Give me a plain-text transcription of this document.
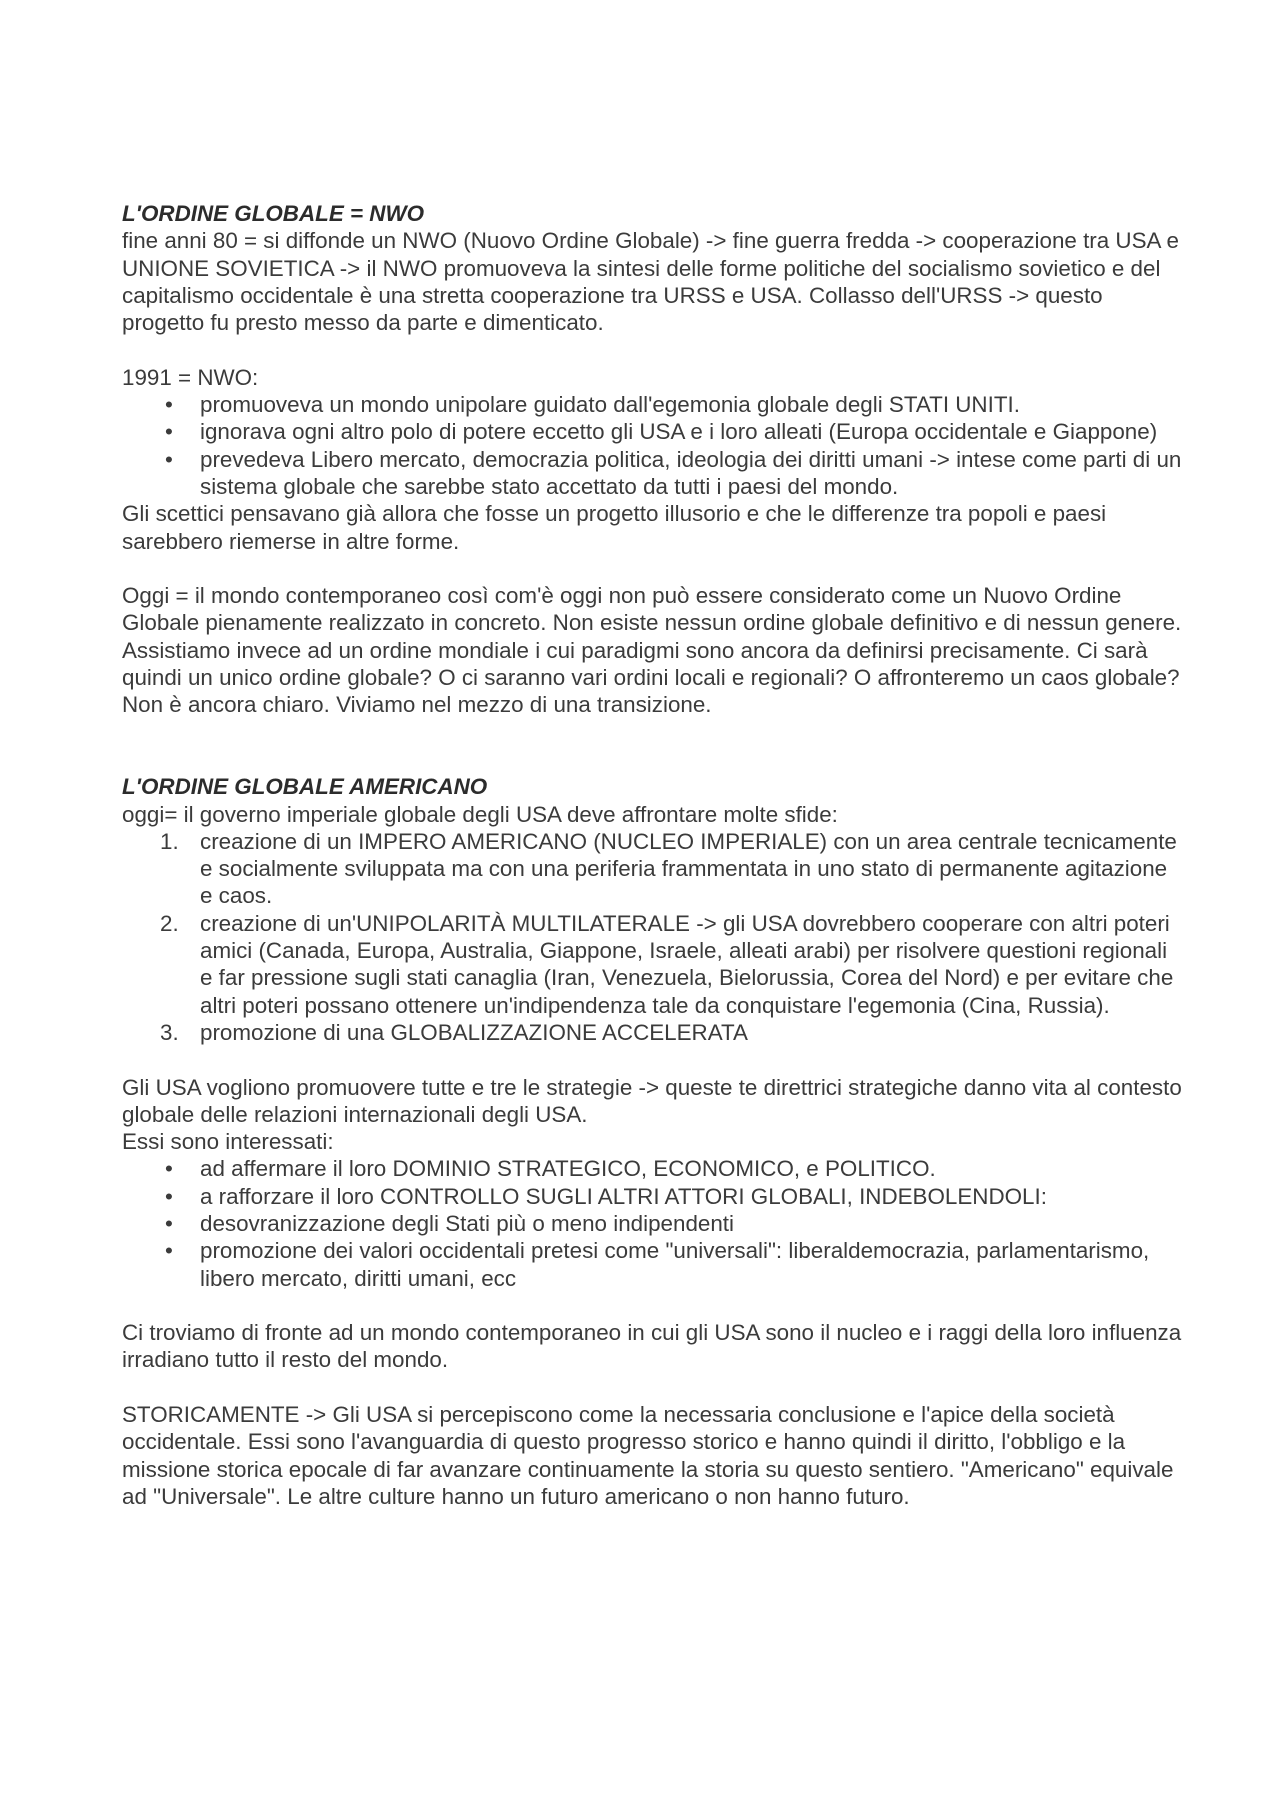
L'ORDINE GLOBALE = NWO

fine anni 80 = si diffonde un NWO (Nuovo Ordine Globale) -> fine guerra fredda -> cooperazione tra USA e UNIONE SOVIETICA -> il NWO promuoveva la sintesi delle forme politiche del socialismo sovietico e del capitalismo occidentale è una stretta cooperazione tra URSS e USA. Collasso dell'URSS -> questo progetto fu presto messo da parte e dimenticato.

1991 = NWO:

• promuoveva un mondo unipolare guidato dall'egemonia globale degli STATI UNITI.
• ignorava ogni altro polo di potere eccetto gli USA e i loro alleati (Europa occidentale e Giappone)
• prevedeva Libero mercato, democrazia politica, ideologia dei diritti umani -> intese come parti di un sistema globale che sarebbe stato accettato da tutti i paesi del mondo.

Gli scettici pensavano già allora che fosse un progetto illusorio e che le differenze tra popoli e paesi sarebbero riemerse in altre forme.

Oggi = il mondo contemporaneo così com'è oggi non può essere considerato come un Nuovo Ordine Globale pienamente realizzato in concreto. Non esiste nessun ordine globale definitivo e di nessun genere. Assistiamo invece ad un ordine mondiale i cui paradigmi sono ancora da definirsi precisamente. Ci sarà quindi un unico ordine globale? O ci saranno vari ordini locali e regionali? O affronteremo un caos globale? Non è ancora chiaro. Viviamo nel mezzo di una transizione.

L'ORDINE GLOBALE AMERICANO

oggi= il governo imperiale globale degli USA deve affrontare molte sfide:

1. creazione di un IMPERO AMERICANO (NUCLEO IMPERIALE) con un area centrale tecnicamente e socialmente sviluppata ma con una periferia frammentata in uno stato di permanente agitazione e caos.
2. creazione di un'UNIPOLARITÀ MULTILATERALE -> gli USA dovrebbero cooperare con altri poteri amici (Canada, Europa, Australia, Giappone, Israele, alleati arabi) per risolvere questioni regionali e far pressione sugli stati canaglia (Iran, Venezuela, Bielorussia, Corea del Nord) e per evitare che altri poteri possano ottenere un'indipendenza tale da conquistare l'egemonia (Cina, Russia).
3. promozione di una GLOBALIZZAZIONE ACCELERATA

Gli USA vogliono promuovere tutte e tre le strategie -> queste te direttrici strategiche danno vita al contesto globale delle relazioni internazionali degli USA.

Essi sono interessati:

• ad affermare il loro DOMINIO STRATEGICO, ECONOMICO, e POLITICO.
• a rafforzare il loro CONTROLLO SUGLI ALTRI ATTORI GLOBALI, INDEBOLENDOLI:
• desovranizzazione degli Stati più o meno indipendenti
• promozione dei valori occidentali pretesi come "universali": liberaldemocrazia, parlamentarismo, libero mercato, diritti umani, ecc

Ci troviamo di fronte ad un mondo contemporaneo in cui gli USA sono il nucleo e i raggi della loro influenza irradiano tutto il resto del mondo.

STORICAMENTE -> Gli USA si percepiscono come la necessaria conclusione e l'apice della società occidentale. Essi sono l'avanguardia di questo progresso storico e hanno quindi il diritto, l'obbligo e la missione storica epocale di far avanzare continuamente la storia su questo sentiero. "Americano" equivale ad "Universale". Le altre culture hanno un futuro americano o non hanno futuro.
